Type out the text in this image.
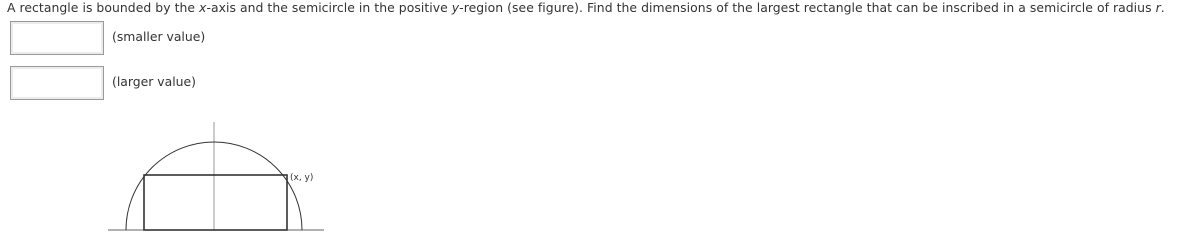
A rectangle is bounded by the x-axis and the semicircle in the positive y-region (see figure). Find the dimensions of the largest rectangle that can be inscribed in a semicircle of radius r.
(smaller value)
(larger value)
(x, y)
